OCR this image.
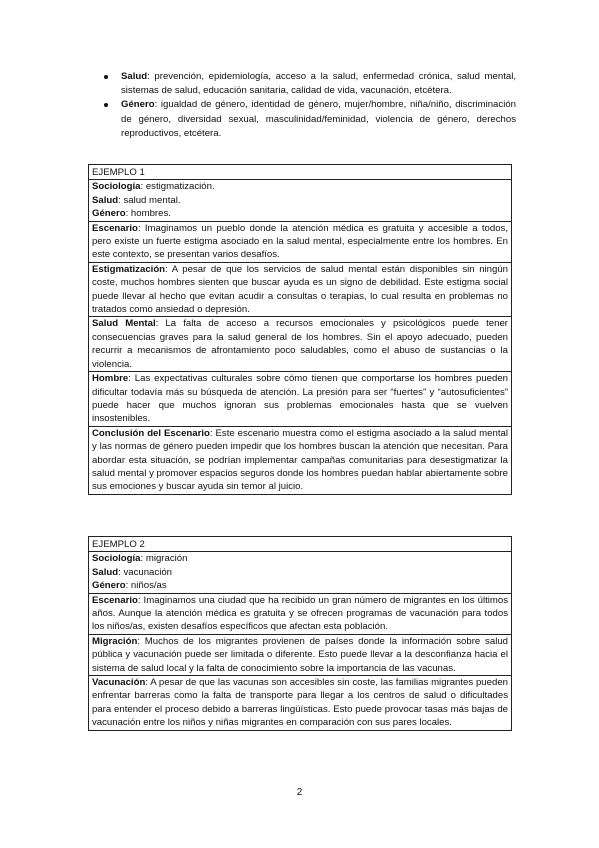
Salud: prevención, epidemiología, acceso a la salud, enfermedad crónica, salud mental, sistemas de salud, educación sanitaria, calidad de vida, vacunación, etcétera.
Género: igualdad de género, identidad de género, mujer/hombre, niña/niño, discriminación de género, diversidad sexual, masculinidad/feminidad, violencia de género, derechos reproductivos, etcétera.
EJEMPLO 1

Sociología: estigmatización.
Salud: salud mental.
Género: hombres.

Escenario: Imaginamos un pueblo donde la atención médica es gratuita y accesible a todos, pero existe un fuerte estigma asociado en la salud mental, especialmente entre los hombres. En este contexto, se presentan varios desafíos.
Estigmatización: A pesar de que los servicios de salud mental están disponibles sin ningún coste, muchos hombres sienten que buscar ayuda es un signo de debilidad. Este estigma social puede llevar al hecho que evitan acudir a consultas o terapias, lo cual resulta en problemas no tratados como ansiedad o depresión.
Salud Mental: La falta de acceso a recursos emocionales y psicológicos puede tener consecuencias graves para la salud general de los hombres. Sin el apoyo adecuado, pueden recurrir a mecanismos de afrontamiento poco saludables, como el abuso de sustancias o la violencia.
Hombre: Las expectativas culturales sobre cómo tienen que comportarse los hombres pueden dificultar todavía más su búsqueda de atención. La presión para ser “fuertes” y “autosuficientes” puede hacer que muchos ignoran sus problemas emocionales hasta que se vuelven insostenibles.
Conclusión del Escenario: Este escenario muestra como el estigma asociado a la salud mental y las normas de género pueden impedir que los hombres buscan la atención que necesitan. Para abordar esta situación, se podrían implementar campañas comunitarias para desestigmatizar la salud mental y promover espacios seguros donde los hombres puedan hablar abiertamente sobre sus emociones y buscar ayuda sin temor al juicio.
EJEMPLO 2

Sociología: migración
Salud: vacunación
Género: niños/as

Escenario: Imaginamos una ciudad que ha recibido un gran número de migrantes en los últimos años. Aunque la atención médica es gratuita y se ofrecen programas de vacunación para todos los niños/as, existen desafíos específicos que afectan esta población.
Migración: Muchos de los migrantes provienen de países donde la información sobre salud pública y vacunación puede ser limitada o diferente. Esto puede llevar a la desconfianza hacia el sistema de salud local y la falta de conocimiento sobre la importancia de las vacunas.
Vacunación: A pesar de que las vacunas son accesibles sin coste, las familias migrantes pueden enfrentar barreras como la falta de transporte para llegar a los centros de salud o dificultades para entender el proceso debido a barreras lingüísticas. Esto puede provocar tasas más bajas de vacunación entre los niños y niñas migrantes en comparación con sus pares locales.
2
